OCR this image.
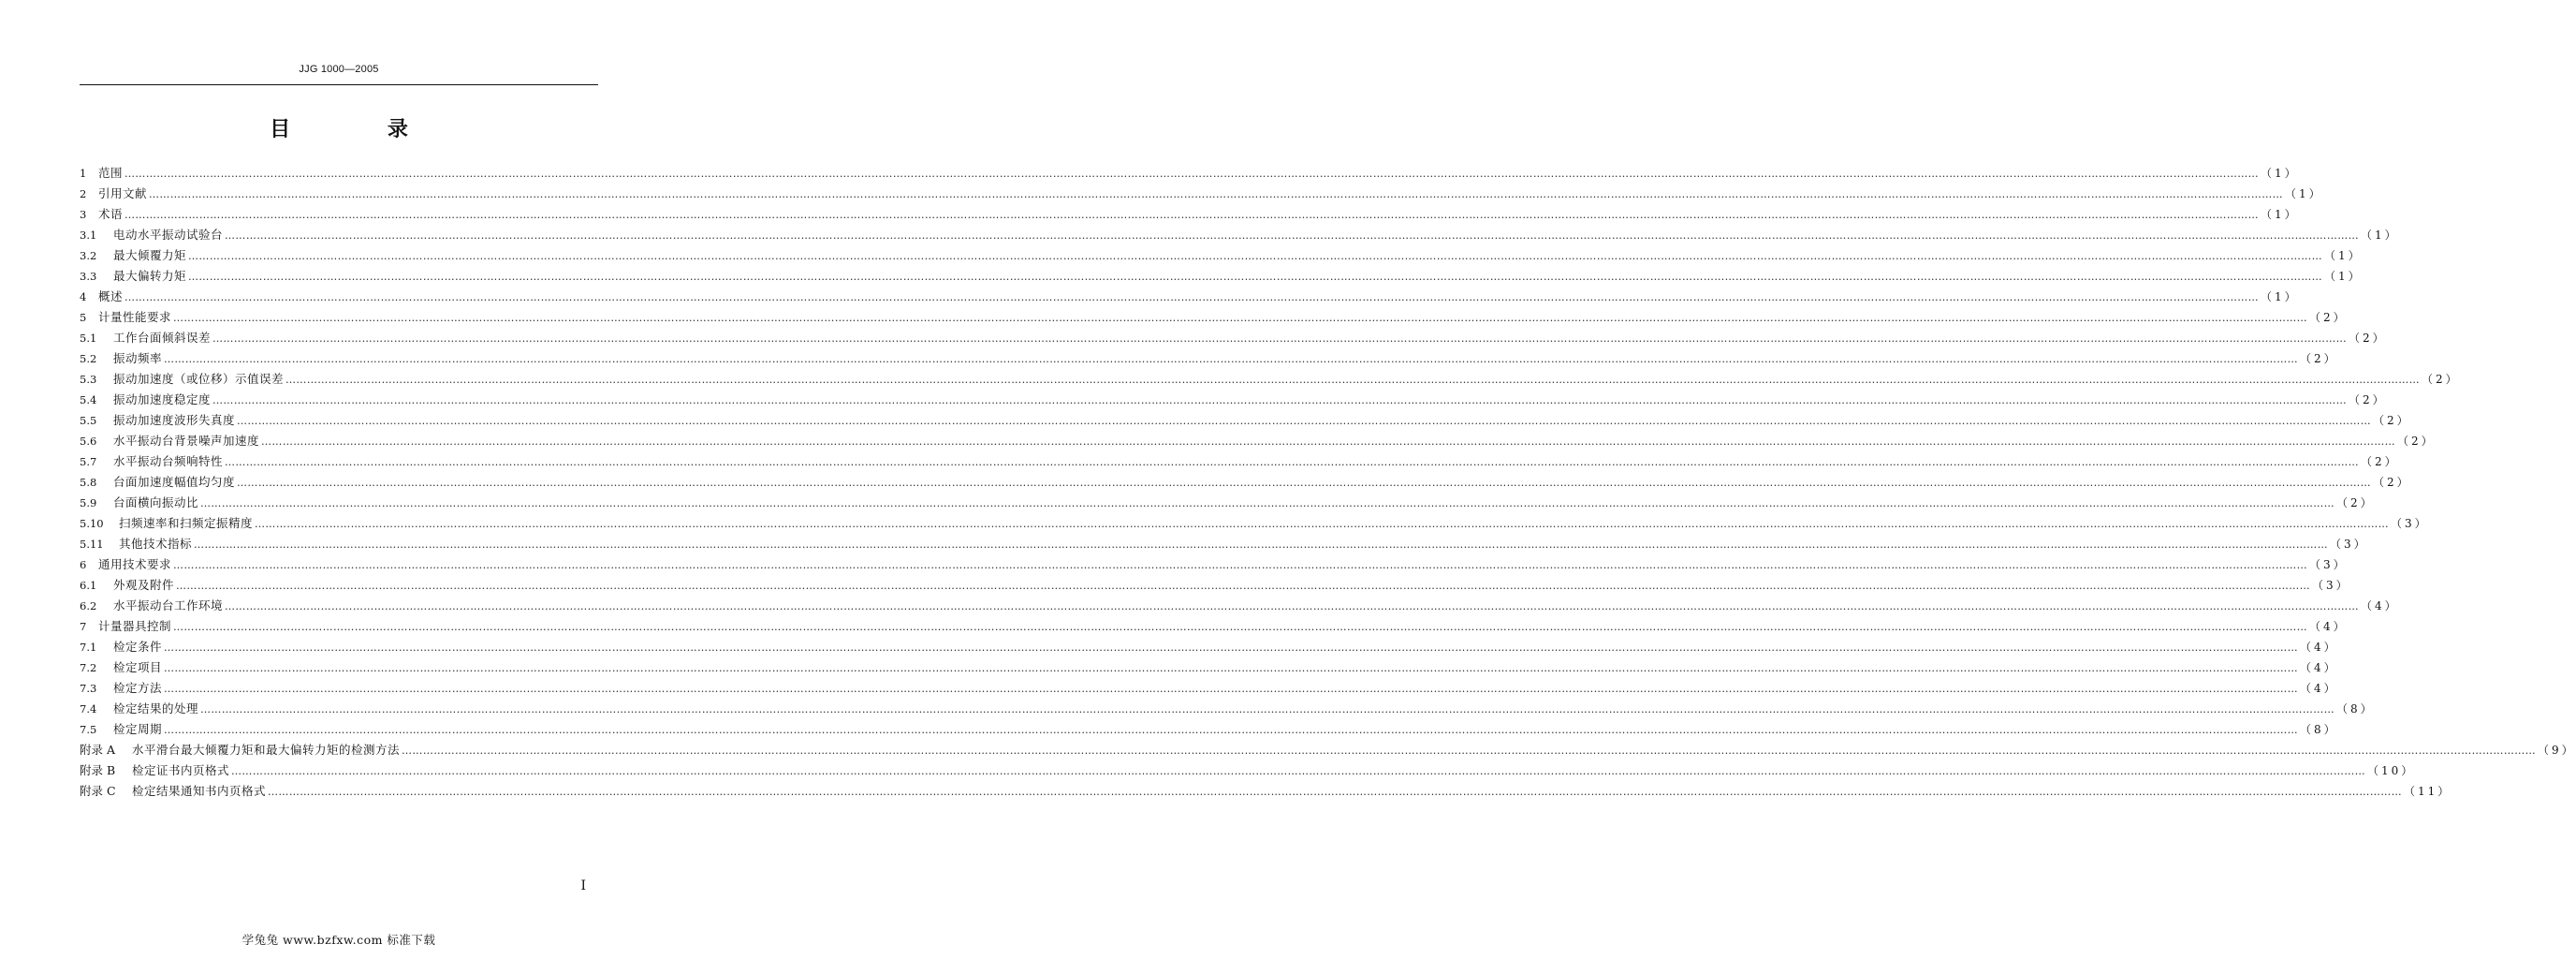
JJG 1000—2005
目 录
1	范围 …………………………………………………………………………………………………………………………………………………………………………………………………………………………………………………………………………………………………………………………………………………………………………………………………………………………………………………………………………………………………………………………………………………… （1）
2	引用文献 …………………………………………………………………………………………………………………………………………………………………………………………………………………………………………………………………………………………………………………………………………………………………………………………………………………………………………………………………………………………………………………………………………………… （1）
3	术语 …………………………………………………………………………………………………………………………………………………………………………………………………………………………………………………………………………………………………………………………………………………………………………………………………………………………………………………………………………………………………………………………………………………… （1）
3.1	电动水平振动试验台 …………………………………………………………………………………………………………………………………………………………………………………………………………………………………………………………………………………………………………………………………………………………………………………………………………………………………………………………………………………………………………………………………………………… （1）
3.2	最大倾覆力矩 …………………………………………………………………………………………………………………………………………………………………………………………………………………………………………………………………………………………………………………………………………………………………………………………………………………………………………………………………………………………………………………………………………………… （1）
3.3	最大偏转力矩 …………………………………………………………………………………………………………………………………………………………………………………………………………………………………………………………………………………………………………………………………………………………………………………………………………………………………………………………………………………………………………………………………………………… （1）
4	概述 …………………………………………………………………………………………………………………………………………………………………………………………………………………………………………………………………………………………………………………………………………………………………………………………………………………………………………………………………………………………………………………………………………………… （1）
5	计量性能要求 …………………………………………………………………………………………………………………………………………………………………………………………………………………………………………………………………………………………………………………………………………………………………………………………………………………………………………………………………………………………………………………………………………………… （2）
5.1	工作台面倾斜误差 …………………………………………………………………………………………………………………………………………………………………………………………………………………………………………………………………………………………………………………………………………………………………………………………………………………………………………………………………………………………………………………………………………………… （2）
5.2	振动频率 …………………………………………………………………………………………………………………………………………………………………………………………………………………………………………………………………………………………………………………………………………………………………………………………………………………………………………………………………………………………………………………………………………………… （2）
5.3	振动加速度（或位移）示值误差 …………………………………………………………………………………………………………………………………………………………………………………………………………………………………………………………………………………………………………………………………………………………………………………………………………………………………………………………………………………………………………………………………………………… （2）
5.4	振动加速度稳定度 …………………………………………………………………………………………………………………………………………………………………………………………………………………………………………………………………………………………………………………………………………………………………………………………………………………………………………………………………………………………………………………………………………………… （2）
5.5	振动加速度波形失真度 …………………………………………………………………………………………………………………………………………………………………………………………………………………………………………………………………………………………………………………………………………………………………………………………………………………………………………………………………………………………………………………………………………………… （2）
5.6	水平振动台背景噪声加速度 …………………………………………………………………………………………………………………………………………………………………………………………………………………………………………………………………………………………………………………………………………………………………………………………………………………………………………………………………………………………………………………………………………………… （2）
5.7	水平振动台频响特性 …………………………………………………………………………………………………………………………………………………………………………………………………………………………………………………………………………………………………………………………………………………………………………………………………………………………………………………………………………………………………………………………………………………… （2）
5.8	台面加速度幅值均匀度 …………………………………………………………………………………………………………………………………………………………………………………………………………………………………………………………………………………………………………………………………………………………………………………………………………………………………………………………………………………………………………………………………………………… （2）
5.9	台面横向振动比 …………………………………………………………………………………………………………………………………………………………………………………………………………………………………………………………………………………………………………………………………………………………………………………………………………………………………………………………………………………………………………………………………………………… （2）
5.10	扫频速率和扫频定振精度 …………………………………………………………………………………………………………………………………………………………………………………………………………………………………………………………………………………………………………………………………………………………………………………………………………………………………………………………………………………………………………………………………………………… （3）
5.11	其他技术指标 …………………………………………………………………………………………………………………………………………………………………………………………………………………………………………………………………………………………………………………………………………………………………………………………………………………………………………………………………………………………………………………………………………………… （3）
6	通用技术要求 …………………………………………………………………………………………………………………………………………………………………………………………………………………………………………………………………………………………………………………………………………………………………………………………………………………………………………………………………………………………………………………………………………………… （3）
6.1	外观及附件 …………………………………………………………………………………………………………………………………………………………………………………………………………………………………………………………………………………………………………………………………………………………………………………………………………………………………………………………………………………………………………………………………………………… （3）
6.2	水平振动台工作环境 …………………………………………………………………………………………………………………………………………………………………………………………………………………………………………………………………………………………………………………………………………………………………………………………………………………………………………………………………………………………………………………………………………………… （4）
7	计量器具控制 …………………………………………………………………………………………………………………………………………………………………………………………………………………………………………………………………………………………………………………………………………………………………………………………………………………………………………………………………………………………………………………………………………………… （4）
7.1	检定条件 …………………………………………………………………………………………………………………………………………………………………………………………………………………………………………………………………………………………………………………………………………………………………………………………………………………………………………………………………………………………………………………………………………………… （4）
7.2	检定项目 …………………………………………………………………………………………………………………………………………………………………………………………………………………………………………………………………………………………………………………………………………………………………………………………………………………………………………………………………………………………………………………………………………………… （4）
7.3	检定方法 …………………………………………………………………………………………………………………………………………………………………………………………………………………………………………………………………………………………………………………………………………………………………………………………………………………………………………………………………………………………………………………………………………………… （4）
7.4	检定结果的处理 …………………………………………………………………………………………………………………………………………………………………………………………………………………………………………………………………………………………………………………………………………………………………………………………………………………………………………………………………………………………………………………………………………………… （8）
7.5	检定周期 …………………………………………………………………………………………………………………………………………………………………………………………………………………………………………………………………………………………………………………………………………………………………………………………………………………………………………………………………………………………………………………………………………………… （8）
附录 A	水平滑台最大倾覆力矩和最大偏转力矩的检测方法 …………………………………………………………………………………………………………………………………………………………………………………………………………………………………………………………………………………………………………………………………………………………………………………………………………………………………………………………………………………………………………………………………………………… （9）
附录 B	检定证书内页格式 …………………………………………………………………………………………………………………………………………………………………………………………………………………………………………………………………………………………………………………………………………………………………………………………………………………………………………………………………………………………………………………………………………………… （10）
附录 C	检定结果通知书内页格式 …………………………………………………………………………………………………………………………………………………………………………………………………………………………………………………………………………………………………………………………………………………………………………………………………………………………………………………………………………………………………………………………………………………… （11）
I
学兔兔 www.bzfxw.com 标准下载
